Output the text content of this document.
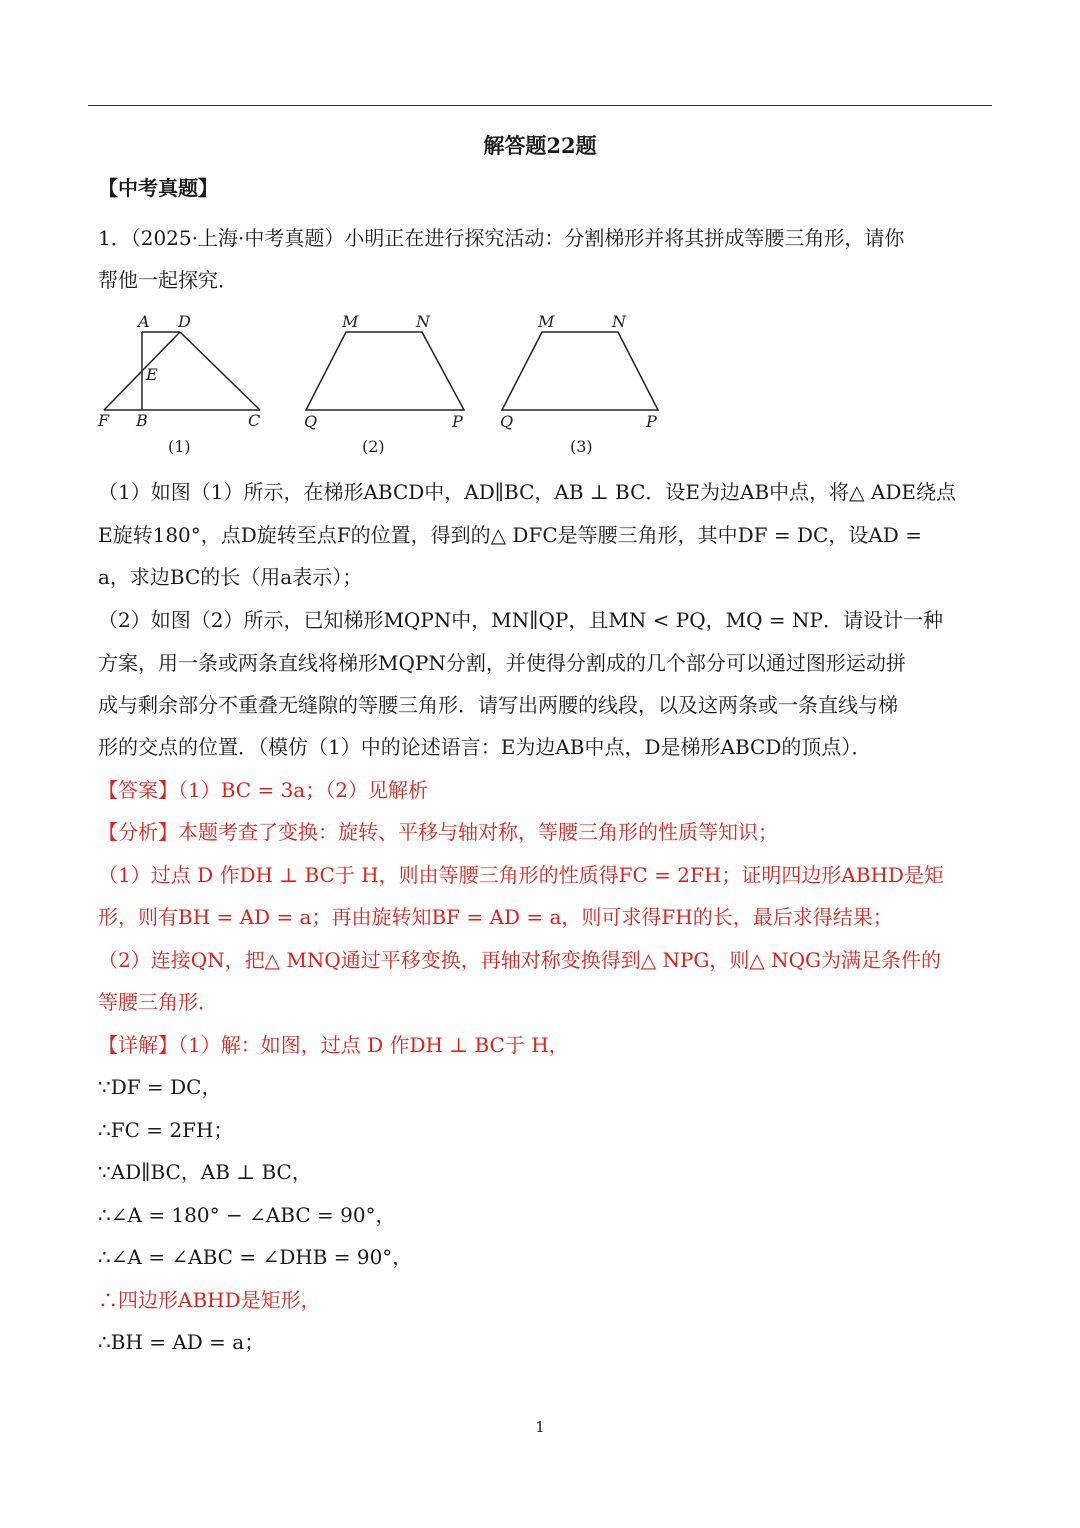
解答题22题
【中考真题】
1．（2025·上海·中考真题）小明正在进行探究活动：分割梯形并将其拼成等腰三角形，请你
帮他一起探究．
A D
E
F B	C
(1)
M	N
Q	P
(2)
M	N
Q	P
(3)
（1）如图（1）所示，在梯形ABCD中，AD∥BC，AB ⊥ BC．设E为边AB中点，将△ ADE绕点
E旋转180°，点D旋转至点F的位置，得到的△ DFC是等腰三角形，其中DF = DC，设AD =
a，求边BC的长（用a表示）；
（2）如图（2）所示，已知梯形MQPN中，MN∥QP，且MN < PQ，MQ = NP．请设计一种
方案，用一条或两条直线将梯形MQPN分割，并使得分割成的几个部分可以通过图形运动拼
成与剩余部分不重叠无缝隙的等腰三角形．请写出两腰的线段，以及这两条或一条直线与梯
形的交点的位置．（模仿（1）中的论述语言：E为边AB中点，D是梯形ABCD的顶点）．
【答案】（1）BC = 3a；（2）见解析
【分析】本题考查了变换：旋转、平移与轴对称，等腰三角形的性质等知识；
（1）过点 D 作DH ⊥ BC于 H，则由等腰三角形的性质得FC = 2FH；证明四边形ABHD是矩
形，则有BH = AD = a；再由旋转知BF = AD = a，则可求得FH的长，最后求得结果；
（2）连接QN，把△ MNQ通过平移变换，再轴对称变换得到△ NPG，则△ NQG为满足条件的
等腰三角形．
【详解】（1）解：如图，过点 D 作DH ⊥ BC于 H，
∵DF = DC，
∴FC = 2FH；
∵AD∥BC，AB ⊥ BC，
∴∠A = 180° − ∠ABC = 90°，
∴∠A = ∠ABC = ∠DHB = 90°，
∴四边形ABHD是矩形，
∴BH = AD = a；
1
